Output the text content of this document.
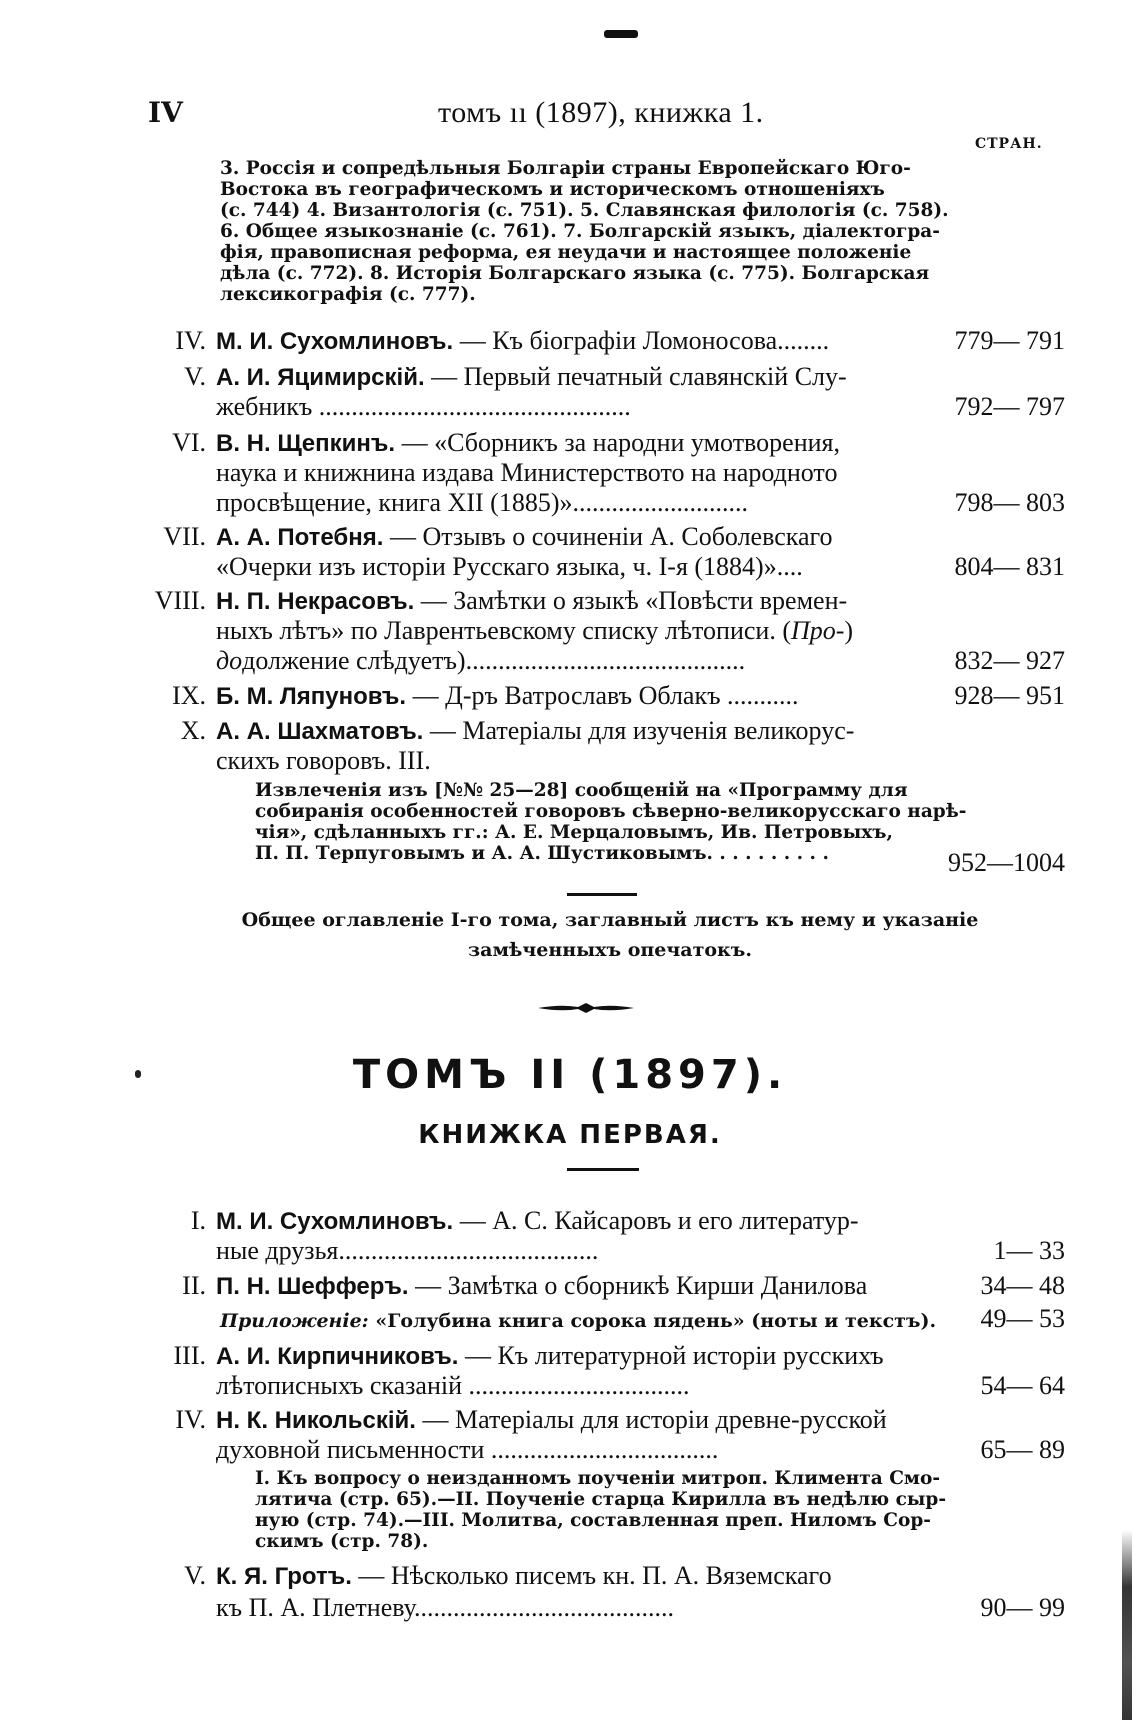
IV	томъ ıı (1897), книжка 1.
СТРАН.
3. Россія и сопредѣльныя Болгаріи страны Европейскаго Юго-
Востока въ географическомъ и историческомъ отношеніяхъ
(с. 744) 4. Византологія (с. 751). 5. Славянская филологія (с. 758).
6. Общее языкознаніе (с. 761). 7. Болгарскій языкъ, діалектогра-
фія, правописная реформа, ея неудачи и настоящее положеніе
дѣла (с. 772). 8. Исторія Болгарскаго языка (с. 775). Болгарская
лексикографія (с. 777).
IV. М. И. Сухомлиновъ. — Къ біографіи Ломоносова........	779— 791
V. А. И. Яцимирскій. — Первый печатный славянскій Слу-
жебникъ ................................................	792— 797
VI. В. Н. Щепкинъ. — «Сборникъ за народни умотворения,
наука и книжнина издава Министерството на народното
просвѣщение, книга XII (1885)»...........................	798— 803
VII. А. А. Потебня. — Отзывъ о сочиненіи А. Соболевскаго
«Очерки изъ исторіи Русскаго языка, ч. I-я (1884)»....	804— 831
VIII. Н. П. Некрасовъ. — Замѣтки о языкѣ «Повѣсти времен-
ныхъ лѣтъ» по Лаврентьевскому списку лѣтописи. (Про-)
додолжение слѣдуетъ)...........................................	832— 927
IX. Б. М. Ляпуновъ. — Д-ръ Ватрославъ Облакъ ...........	928— 951
X. А. А. Шахматовъ. — Матеріалы для изученія великорус-
скихъ говоровъ. III.
Извлеченія изъ [№№ 25—28] сообщеній на «Программу для
собиранія особенностей говоровъ сѣверно-великорусскаго нарѣ-
чія», сдѣланныхъ гг.: А. Е. Мерцаловымъ, Ив. Петровыхъ,
П. П. Терпуговымъ и А. А. Шустиковымъ. . . . . . . . . .	952—1004
Общее оглавленіе I-го тома, заглавный листъ къ нему и указаніе замѣченныхъ опечатокъ.
ТОМЪ II (1897).
КНИЖКА ПЕРВАЯ.
I. М. И. Сухомлиновъ. — А. С. Кайсаровъ и его литератур-
ные друзья........................................	1— 33
II. П. Н. Шефферъ. — Замѣтка о сборникѣ Кирши Данилова	34— 48
Приложеніе: «Голубина книга сорока пядень» (ноты и текстъ). 49— 53
III. А. И. Кирпичниковъ. — Къ литературной исторіи русскихъ
лѣтописныхъ сказаній ..................................	54— 64
IV. Н. К. Никольскій. — Матеріалы для исторіи древне-русской
духовной письменности ...................................	65— 89
I. Къ вопросу о неизданномъ поученіи митроп. Климента Смо-
лятича (стр. 65).—II. Поученіе старца Кирилла въ недѣлю сыр-
ную (стр. 74).—III. Молитва, составленная преп. Ниломъ Сор-
скимъ (стр. 78).
V. К. Я. Гротъ. — Нѣсколько писемъ кн. П. А. Вяземскаго
къ П. А. Плетневу........................................	90— 99
